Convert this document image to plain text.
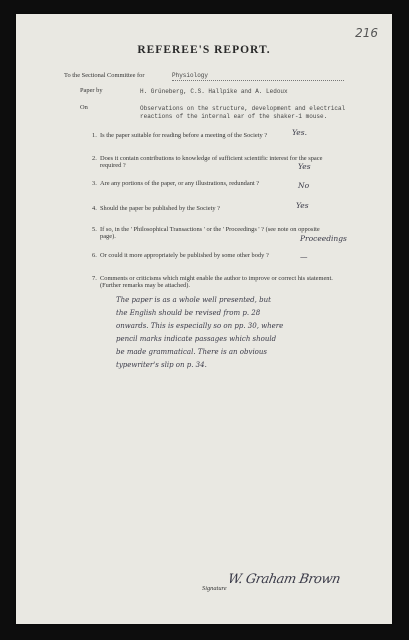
216
REFEREE'S REPORT.
To the Sectional Committee for	Physiology
Paper by	H. Grüneberg, C.S. Hallpike and A. Ledoux
On	Observations on the structure, development and electrical
reactions of the internal ear of the shaker-1 mouse.
1. Is the paper suitable for reading before a meeting of the Society ?	Yes.
2. Does it contain contributions to knowledge of sufficient scientific interest for the space
required ?	Yes
3. Are any portions of the paper, or any illustrations, redundant ?	No
4. Should the paper be published by the Society ?	Yes
5. If so, in the ' Philosophical Transactions ' or the ' Proceedings ' ? (see note on opposite
page).	Proceedings
6. Or could it more appropriately be published by some other body ?	—
7. Comments or criticisms which might enable the author to improve or correct his statement.
(Further remarks may be attached).
The paper is as a whole well presented, but
the English should be revised from p. 28
onwards. This is especially so on pp. 30, where
pencil marks indicate passages which should
be made grammatical. There is an obvious
typewriter's slip on p. 34.
Signature
W. Graham Brown
